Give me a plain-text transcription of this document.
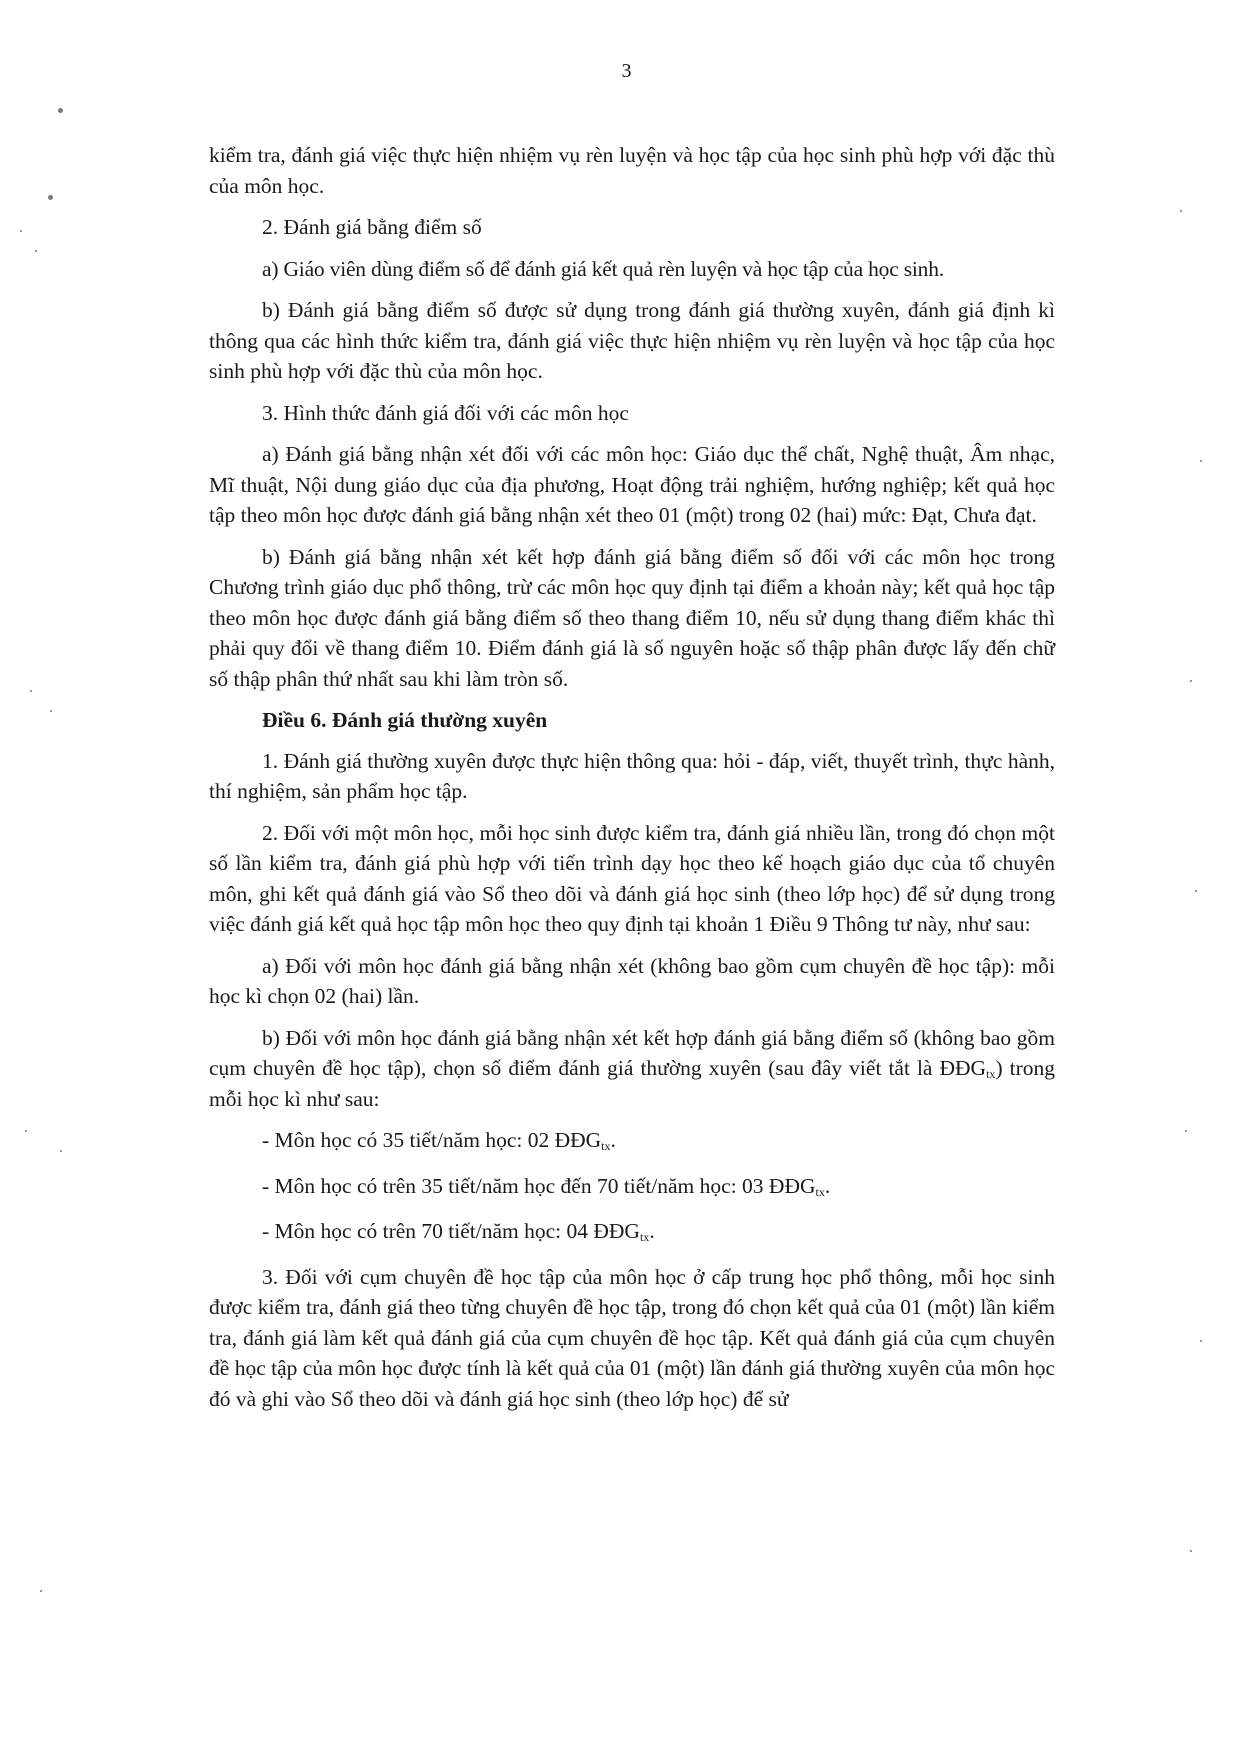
3

kiểm tra, đánh giá việc thực hiện nhiệm vụ rèn luyện và học tập của học sinh phù hợp với đặc thù của môn học.

2. Đánh giá bằng điểm số

a) Giáo viên dùng điểm số để đánh giá kết quả rèn luyện và học tập của học sinh.

b) Đánh giá bằng điểm số được sử dụng trong đánh giá thường xuyên, đánh giá định kì thông qua các hình thức kiểm tra, đánh giá việc thực hiện nhiệm vụ rèn luyện và học tập của học sinh phù hợp với đặc thù của môn học.

3. Hình thức đánh giá đối với các môn học

a) Đánh giá bằng nhận xét đối với các môn học: Giáo dục thể chất, Nghệ thuật, Âm nhạc, Mĩ thuật, Nội dung giáo dục của địa phương, Hoạt động trải nghiệm, hướng nghiệp; kết quả học tập theo môn học được đánh giá bằng nhận xét theo 01 (một) trong 02 (hai) mức: Đạt, Chưa đạt.

b) Đánh giá bằng nhận xét kết hợp đánh giá bằng điểm số đối với các môn học trong Chương trình giáo dục phổ thông, trừ các môn học quy định tại điểm a khoản này; kết quả học tập theo môn học được đánh giá bằng điểm số theo thang điểm 10, nếu sử dụng thang điểm khác thì phải quy đổi về thang điểm 10. Điểm đánh giá là số nguyên hoặc số thập phân được lấy đến chữ số thập phân thứ nhất sau khi làm tròn số.

Điều 6. Đánh giá thường xuyên

1. Đánh giá thường xuyên được thực hiện thông qua: hỏi - đáp, viết, thuyết trình, thực hành, thí nghiệm, sản phẩm học tập.

2. Đối với một môn học, mỗi học sinh được kiểm tra, đánh giá nhiều lần, trong đó chọn một số lần kiểm tra, đánh giá phù hợp với tiến trình dạy học theo kế hoạch giáo dục của tổ chuyên môn, ghi kết quả đánh giá vào Sổ theo dõi và đánh giá học sinh (theo lớp học) để sử dụng trong việc đánh giá kết quả học tập môn học theo quy định tại khoản 1 Điều 9 Thông tư này, như sau:

a) Đối với môn học đánh giá bằng nhận xét (không bao gồm cụm chuyên đề học tập): mỗi học kì chọn 02 (hai) lần.

b) Đối với môn học đánh giá bằng nhận xét kết hợp đánh giá bằng điểm số (không bao gồm cụm chuyên đề học tập), chọn số điểm đánh giá thường xuyên (sau đây viết tắt là $ĐĐG_{tx}$) trong mỗi học kì như sau:

- Môn học có 35 tiết/năm học: 02 $ĐĐG_{tx}$.

- Môn học có trên 35 tiết/năm học đến 70 tiết/năm học: 03 $ĐĐG_{tx}$.

- Môn học có trên 70 tiết/năm học: 04 $ĐĐG_{tx}$.

3. Đối với cụm chuyên đề học tập của môn học ở cấp trung học phổ thông, mỗi học sinh được kiểm tra, đánh giá theo từng chuyên đề học tập, trong đó chọn kết quả của 01 (một) lần kiểm tra, đánh giá làm kết quả đánh giá của cụm chuyên đề học tập. Kết quả đánh giá của cụm chuyên đề học tập của môn học được tính là kết quả của 01 (một) lần đánh giá thường xuyên của môn học đó và ghi vào Sổ theo dõi và đánh giá học sinh (theo lớp học) để sử
